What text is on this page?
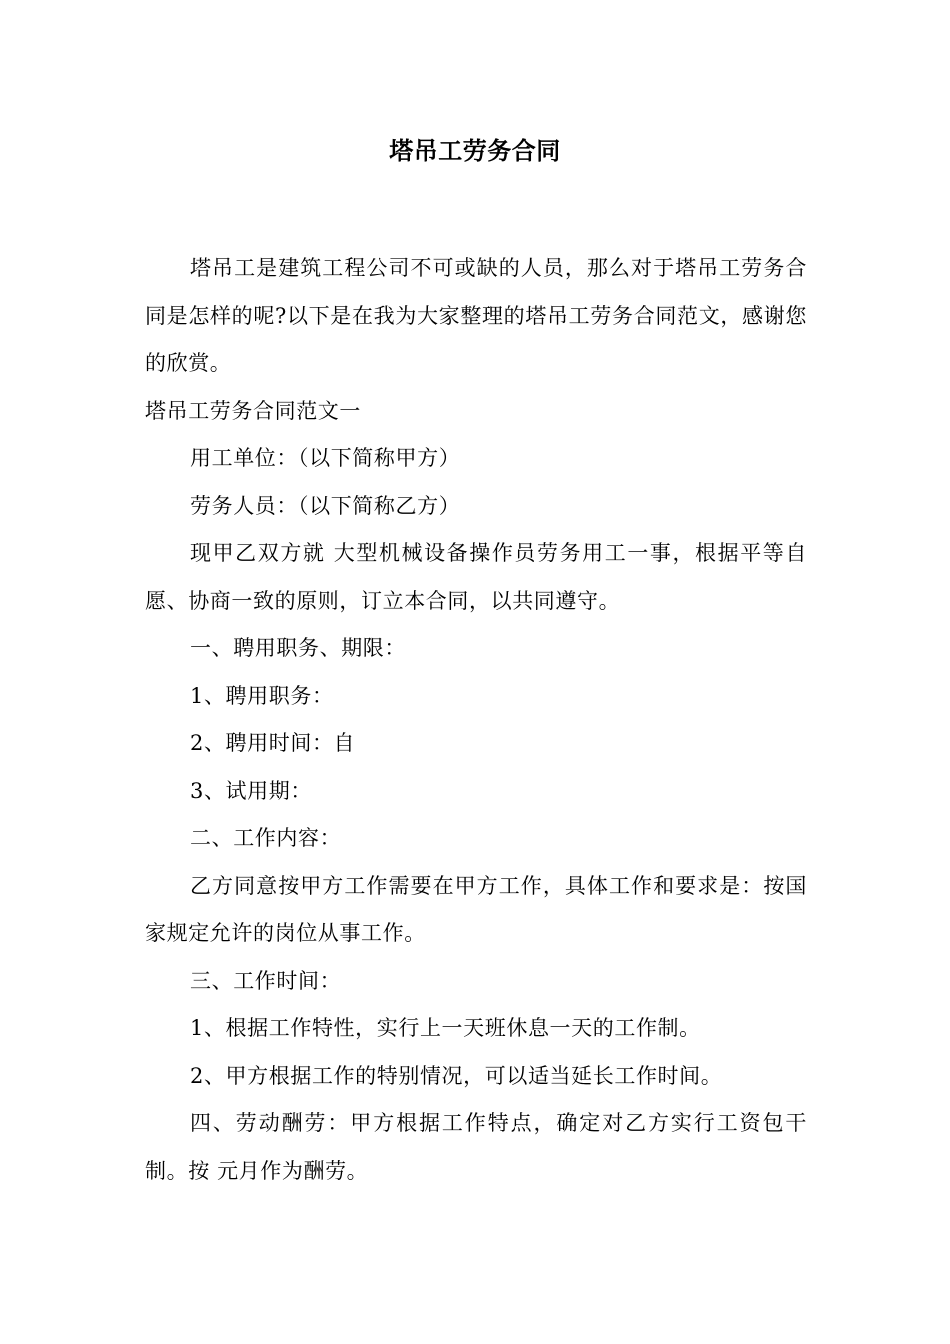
塔吊工劳务合同

塔吊工是建筑工程公司不可或缺的人员，那么对于塔吊工劳务合同是怎样的呢?以下是在我为大家整理的塔吊工劳务合同范文，感谢您的欣赏。

塔吊工劳务合同范文一

用工单位：（以下简称甲方）

劳务人员：（以下简称乙方）

现甲乙双方就 大型机械设备操作员劳务用工一事，根据平等自愿、协商一致的原则，订立本合同，以共同遵守。

一、聘用职务、期限：

1、聘用职务：

2、聘用时间：自

3、试用期：

二、工作内容：

乙方同意按甲方工作需要在甲方工作，具体工作和要求是：按国家规定允许的岗位从事工作。

三、工作时间：

1、根据工作特性，实行上一天班休息一天的工作制。

2、甲方根据工作的特别情况，可以适当延长工作时间。

四、劳动酬劳：甲方根据工作特点，确定对乙方实行工资包干制。按 元月作为酬劳。
